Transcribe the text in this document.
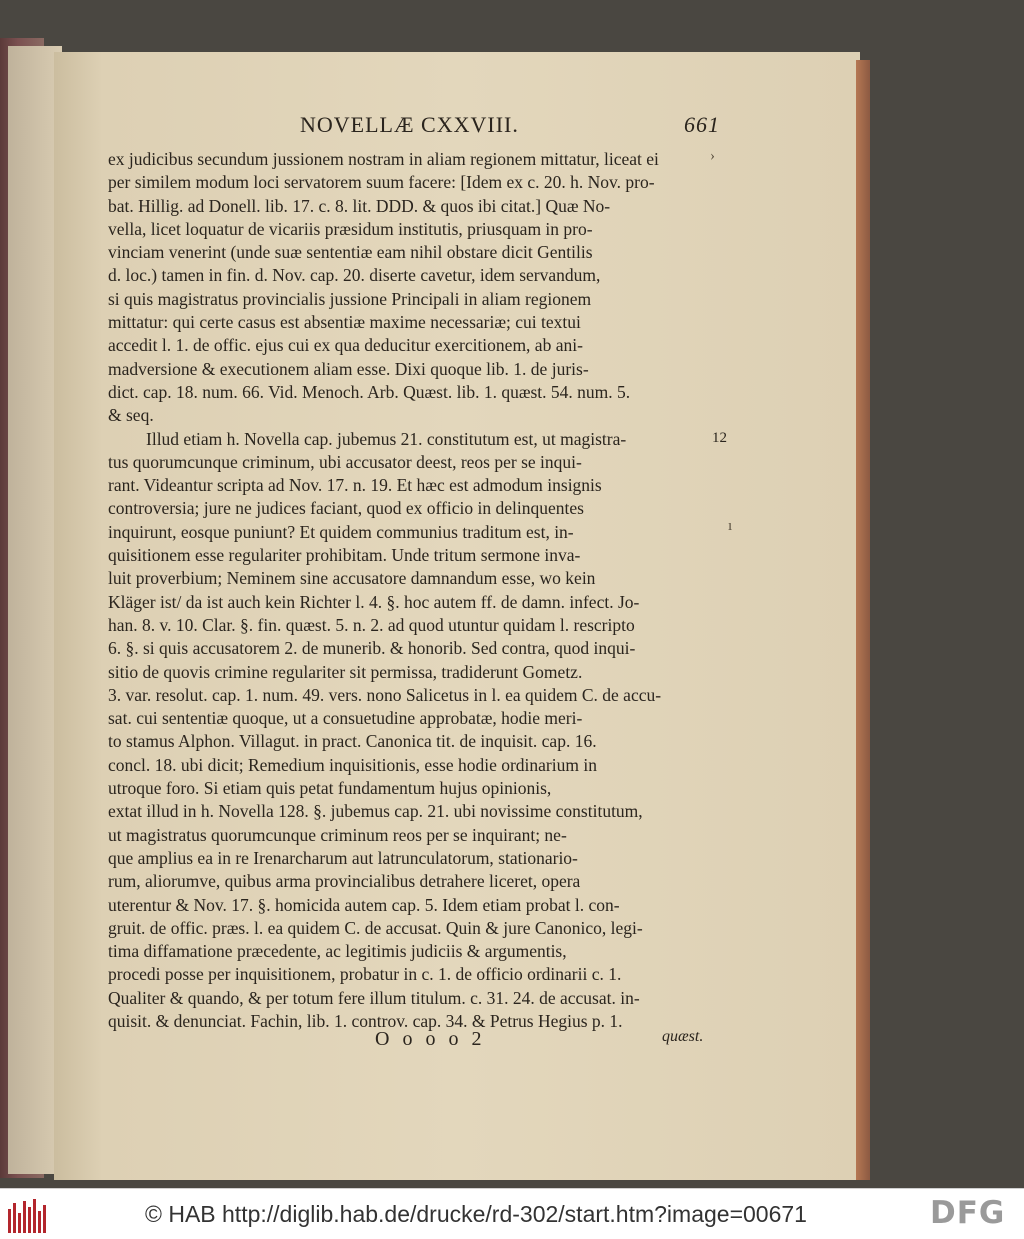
NOVELLÆ CXXVIII.	661
ex judicibus secundum jussionem nostram in aliam regionem mittatur, liceat ei
per similem modum loci servatorem suum facere: [Idem ex c. 20. h. Nov. pro-
bat. Hillig. ad Donell. lib. 17. c. 8. lit. DDD. & quos ibi citat.] Quæ No-
vella, licet loquatur de vicariis præsidum institutis, priusquam in pro-
vinciam venerint (unde suæ sententiæ eam nihil obstare dicit Gentilis
d. loc.) tamen in fin. d. Nov. cap. 20. diserte cavetur, idem servandum,
si quis magistratus provincialis jussione Principali in aliam regionem
mittatur: qui certe casus est absentiæ maxime necessariæ; cui textui
accedit l. 1. de offic. ejus cui ex qua deducitur exercitionem, ab ani-
madversione & executionem aliam esse. Dixi quoque lib. 1. de juris-
dict. cap. 18. num. 66. Vid. Menoch. Arb. Quæst. lib. 1. quæst. 54. num. 5.
& seq.
Illud etiam h. Novella cap. jubemus 21. constitutum est, ut magistra-
tus quorumcunque criminum, ubi accusator deest, reos per se inqui-
rant. Videantur scripta ad Nov. 17. n. 19. Et hæc est admodum insignis
controversia; jure ne judices faciant, quod ex officio in delinquentes
inquirunt, eosque puniunt? Et quidem communius traditum est, in-
quisitionem esse regulariter prohibitam. Unde tritum sermone inva-
luit proverbium; Neminem sine accusatore damnandum esse, wo kein
Kläger ist/ da ist auch kein Richter l. 4. §. hoc autem ff. de damn. infect. Jo-
han. 8. v. 10. Clar. §. fin. quæst. 5. n. 2. ad quod utuntur quidam l. rescripto
6. §. si quis accusatorem 2. de munerib. & honorib. Sed contra, quod inqui-
sitio de quovis crimine regulariter sit permissa, tradiderunt Gometz.
3. var. resolut. cap. 1. num. 49. vers. nono Salicetus in l. ea quidem C. de accu-
sat. cui sententiæ quoque, ut a consuetudine approbatæ, hodie meri-
to stamus Alphon. Villagut. in pract. Canonica tit. de inquisit. cap. 16.
concl. 18. ubi dicit; Remedium inquisitionis, esse hodie ordinarium in
utroque foro. Si etiam quis petat fundamentum hujus opinionis,
extat illud in h. Novella 128. §. jubemus cap. 21. ubi novissime constitutum,
ut magistratus quorumcunque criminum reos per se inquirant; ne-
que amplius ea in re Irenarcharum aut latrunculatorum, stationario-
rum, aliorumve, quibus arma provincialibus detrahere liceret, opera
uterentur & Nov. 17. §. homicida autem cap. 5. Idem etiam probat l. con-
gruit. de offic. præs. l. ea quidem C. de accusat. Quin & jure Canonico, legi-
tima diffamatione præcedente, ac legitimis judiciis & argumentis,
procedi posse per inquisitionem, probatur in c. 1. de officio ordinarii c. 1.
Qualiter & quando, & per totum fere illum titulum. c. 31. 24. de accusat. in-
quisit. & denunciat. Fachin, lib. 1. controv. cap. 34. & Petrus Hegius p. 1.
›
12
ı
O o o o 2	quæst.
© HAB http://diglib.hab.de/drucke/rd-302/start.htm?image=00671	DFG
